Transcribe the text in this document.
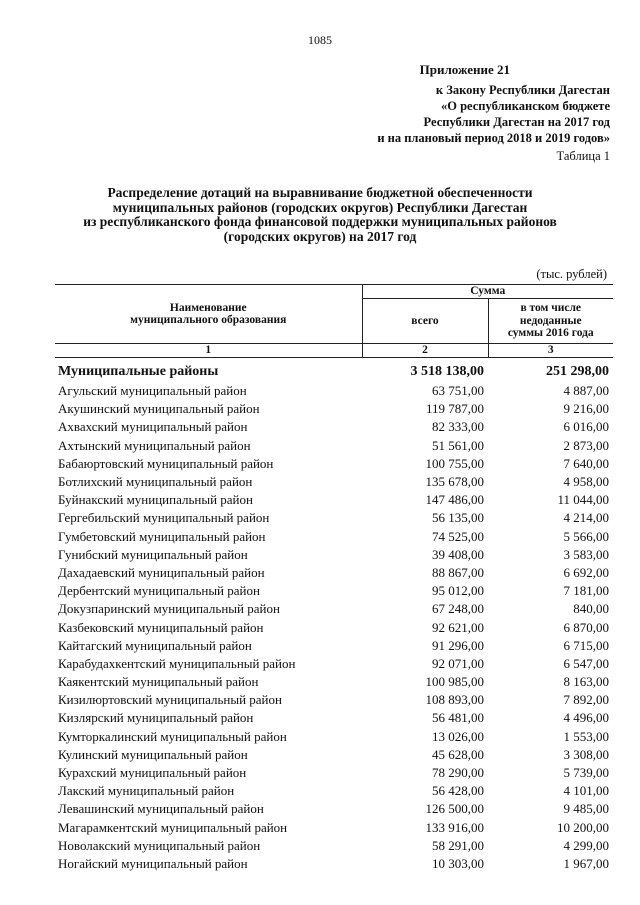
1085
Приложение 21
к Закону Республики Дагестан
«О республиканском бюджете
Республики Дагестан на 2017 год
и на плановый период 2018 и 2019 годов»
Таблица 1
Распределение дотаций на выравнивание бюджетной обеспеченности
муниципальных районов (городских округов) Республики Дагестан
из республиканского фонда финансовой поддержки муниципальных районов
(городских округов) на 2017 год
(тыс. рублей)
Наименование
муниципального образования	Сумма	
	всего	в том числе
недоданные
суммы 2016 года

1	2	3
Муниципальные районы	3 518 138,00	251 298,00
Агульский муниципальный район	63 751,00	4 887,00
Акушинский муниципальный район	119 787,00	9 216,00
Ахвахский муниципальный район	82 333,00	6 016,00
Ахтынский муниципальный район	51 561,00	2 873,00
Бабаюртовский муниципальный район	100 755,00	7 640,00
Ботлихский муниципальный район	135 678,00	4 958,00
Буйнакский муниципальный район	147 486,00	11 044,00
Гергебильский муниципальный район	56 135,00	4 214,00
Гумбетовский муниципальный район	74 525,00	5 566,00
Гунибский муниципальный район	39 408,00	3 583,00
Дахадаевский муниципальный район	88 867,00	6 692,00
Дербентский муниципальный район	95 012,00	7 181,00
Докузпаринский муниципальный район	67 248,00	840,00
Казбековский муниципальный район	92 621,00	6 870,00
Кайтагский муниципальный район	91 296,00	6 715,00
Карабудахкентский муниципальный район	92 071,00	6 547,00
Каякентский муниципальный район	100 985,00	8 163,00
Кизилюртовский муниципальный район	108 893,00	7 892,00
Кизлярский муниципальный район	56 481,00	4 496,00
Кумторкалинский муниципальный район	13 026,00	1 553,00
Кулинский муниципальный район	45 628,00	3 308,00
Курахский муниципальный район	78 290,00	5 739,00
Лакский муниципальный район	56 428,00	4 101,00
Левашинский муниципальный район	126 500,00	9 485,00
Магарамкентский муниципальный район	133 916,00	10 200,00
Новолакский муниципальный район	58 291,00	4 299,00
Ногайский муниципальный район	10 303,00	1 967,00
